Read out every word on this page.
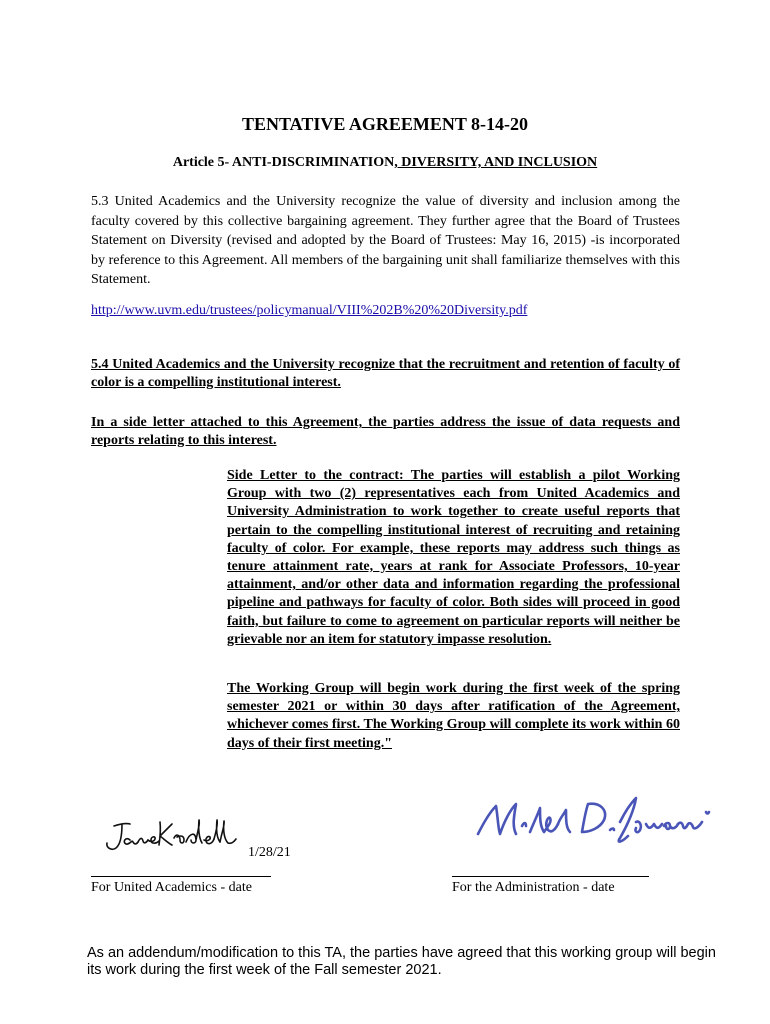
TENTATIVE AGREEMENT 8-14-20
Article 5- ANTI-DISCRIMINATION, DIVERSITY, AND INCLUSION
5.3 United Academics and the University recognize the value of diversity and inclusion among the faculty covered by this collective bargaining agreement. They further agree that the Board of Trustees Statement on Diversity (revised and adopted by the Board of Trustees: May 16, 2015) -is incorporated by reference to this Agreement. All members of the bargaining unit shall familiarize themselves with this Statement.
http://www.uvm.edu/trustees/policymanual/VIII%202B%20%20Diversity.pdf
5.4 United Academics and the University recognize that the recruitment and retention of faculty of color is a compelling institutional interest.
In a side letter attached to this Agreement, the parties address the issue of data requests and reports relating to this interest.
Side Letter to the contract: The parties will establish a pilot Working Group with two (2) representatives each from United Academics and University Administration to work together to create useful reports that pertain to the compelling institutional interest of recruiting and retaining faculty of color. For example, these reports may address such things as tenure attainment rate, years at rank for Associate Professors, 10-year attainment, and/or other data and information regarding the professional pipeline and pathways for faculty of color. Both sides will proceed in good faith, but failure to come to agreement on particular reports will neither be grievable nor an item for statutory impasse resolution.
The Working Group will begin work during the first week of the spring semester 2021 or within 30 days after ratification of the Agreement, whichever comes first. The Working Group will complete its work within 60 days of their first meeting."
1/28/21
For United Academics - date	For the Administration - date
As an addendum/modification to this TA, the parties have agreed that this working group will begin its work during the first week of the Fall semester 2021.
